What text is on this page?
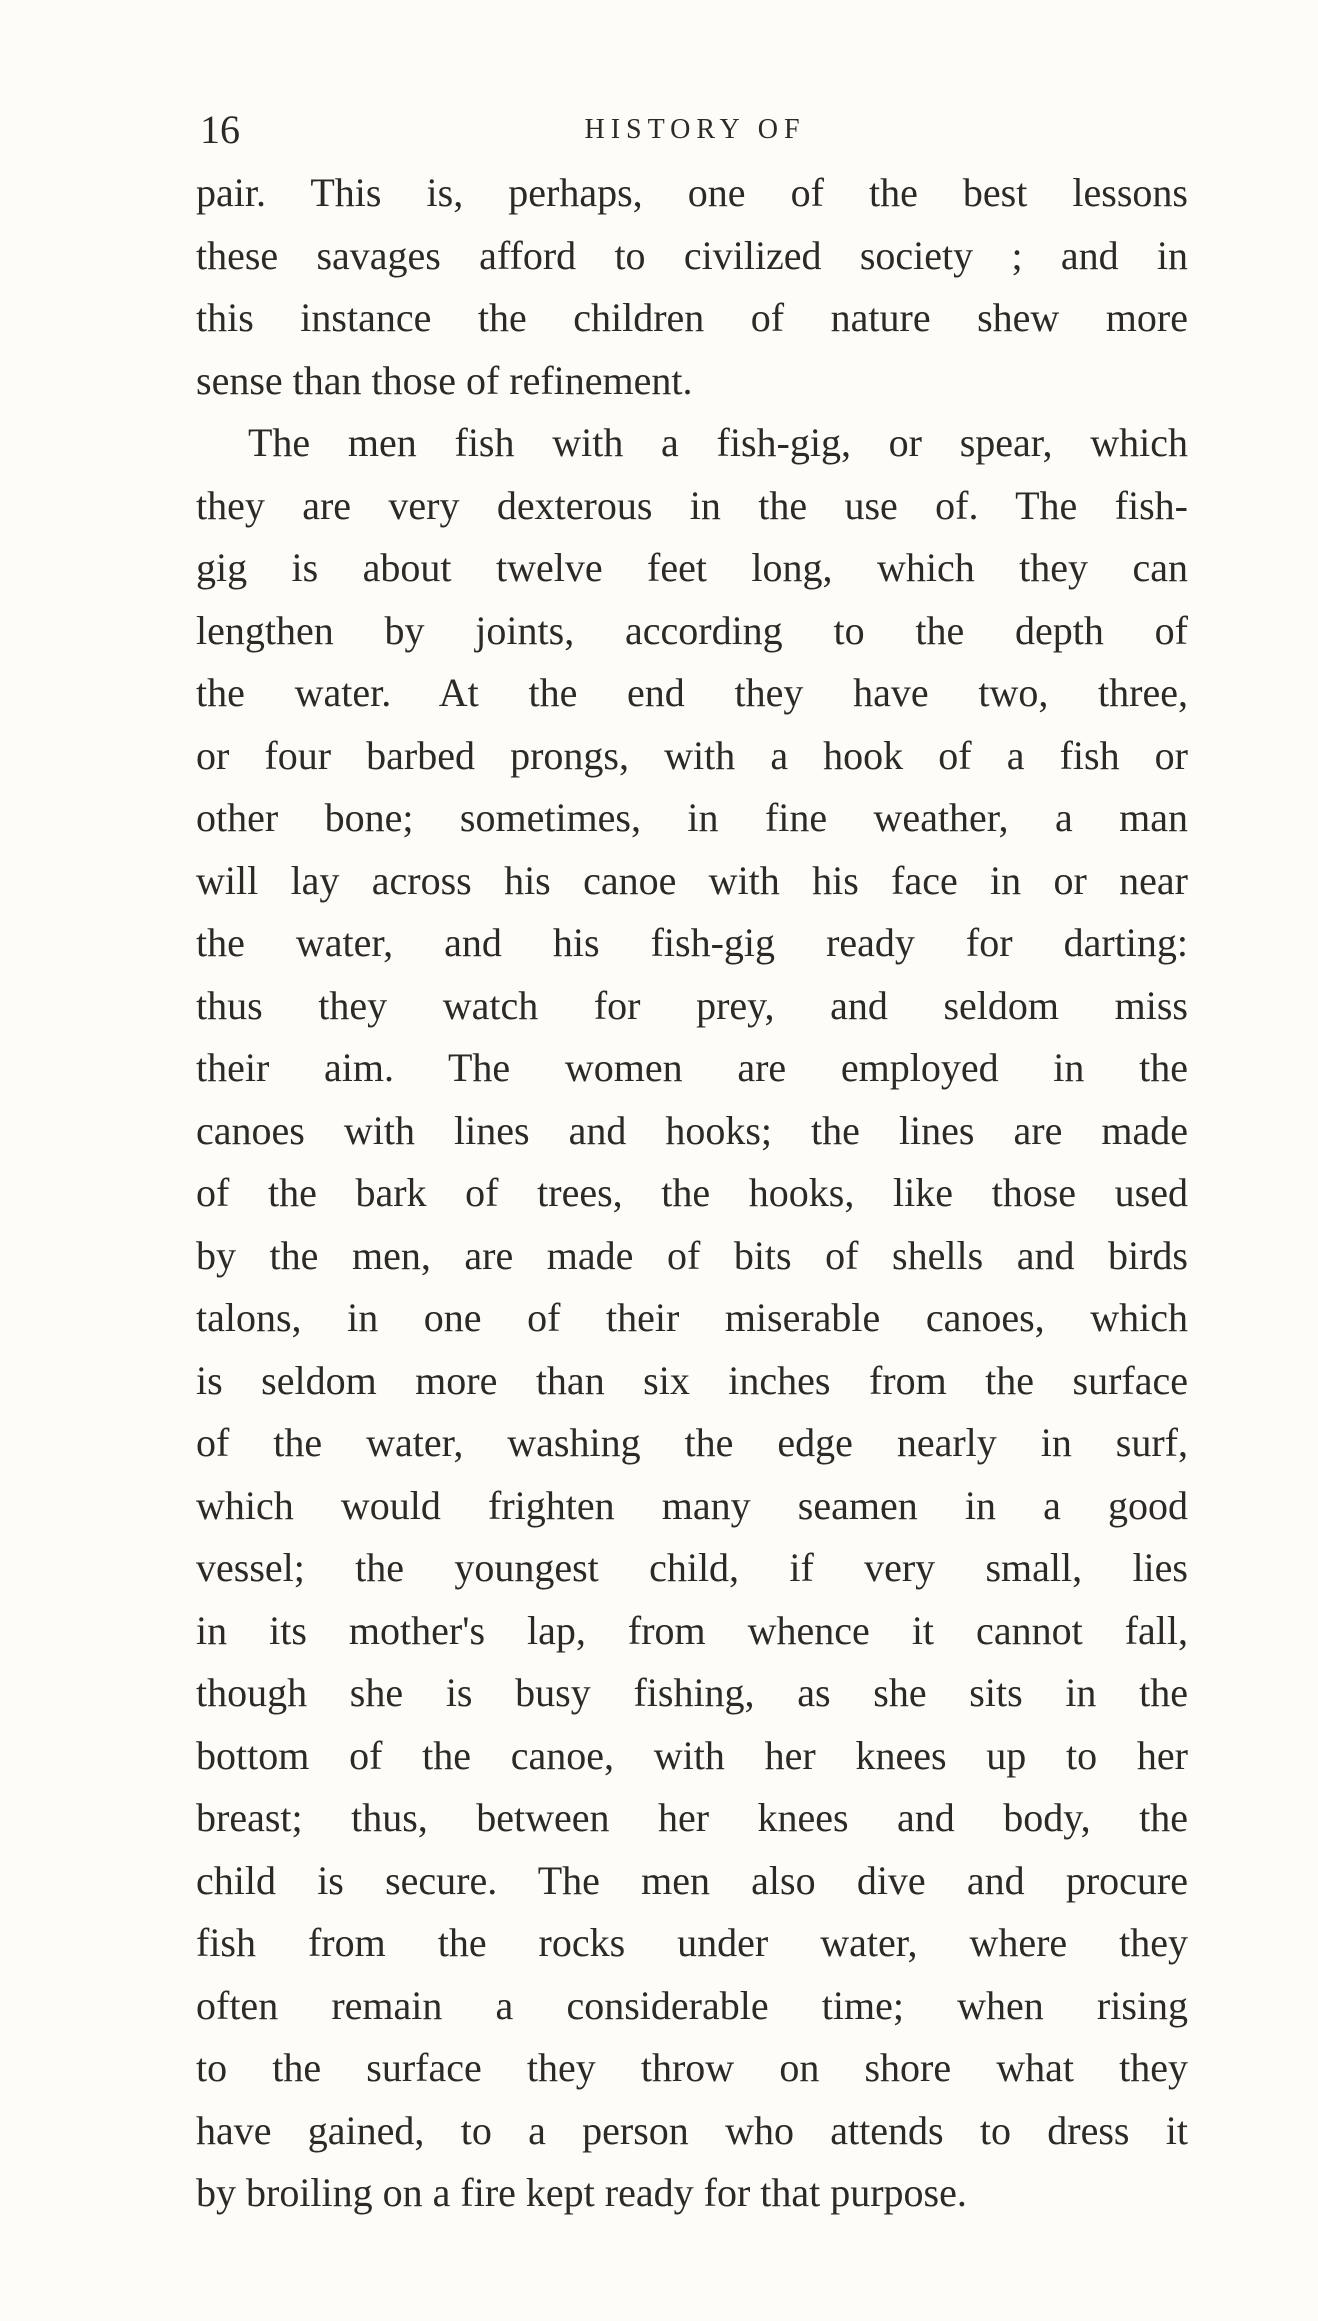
16	HISTORY OF
pair. This is, perhaps, one of the best lessons
these savages afford to civilized society ; and in
this instance the children of nature shew more
sense than those of refinement.
The men fish with a fish-gig, or spear, which
they are very dexterous in the use of. The fish-
gig is about twelve feet long, which they can
lengthen by joints, according to the depth of
the water. At the end they have two, three,
or four barbed prongs, with a hook of a fish or
other bone; sometimes, in fine weather, a man
will lay across his canoe with his face in or near
the water, and his fish-gig ready for darting:
thus they watch for prey, and seldom miss
their aim. The women are employed in the
canoes with lines and hooks; the lines are made
of the bark of trees, the hooks, like those used
by the men, are made of bits of shells and birds
talons, in one of their miserable canoes, which
is seldom more than six inches from the surface
of the water, washing the edge nearly in surf,
which would frighten many seamen in a good
vessel; the youngest child, if very small, lies
in its mother's lap, from whence it cannot fall,
though she is busy fishing, as she sits in the
bottom of the canoe, with her knees up to her
breast; thus, between her knees and body, the
child is secure. The men also dive and procure
fish from the rocks under water, where they
often remain a considerable time; when rising
to the surface they throw on shore what they
have gained, to a person who attends to dress it
by broiling on a fire kept ready for that purpose.
